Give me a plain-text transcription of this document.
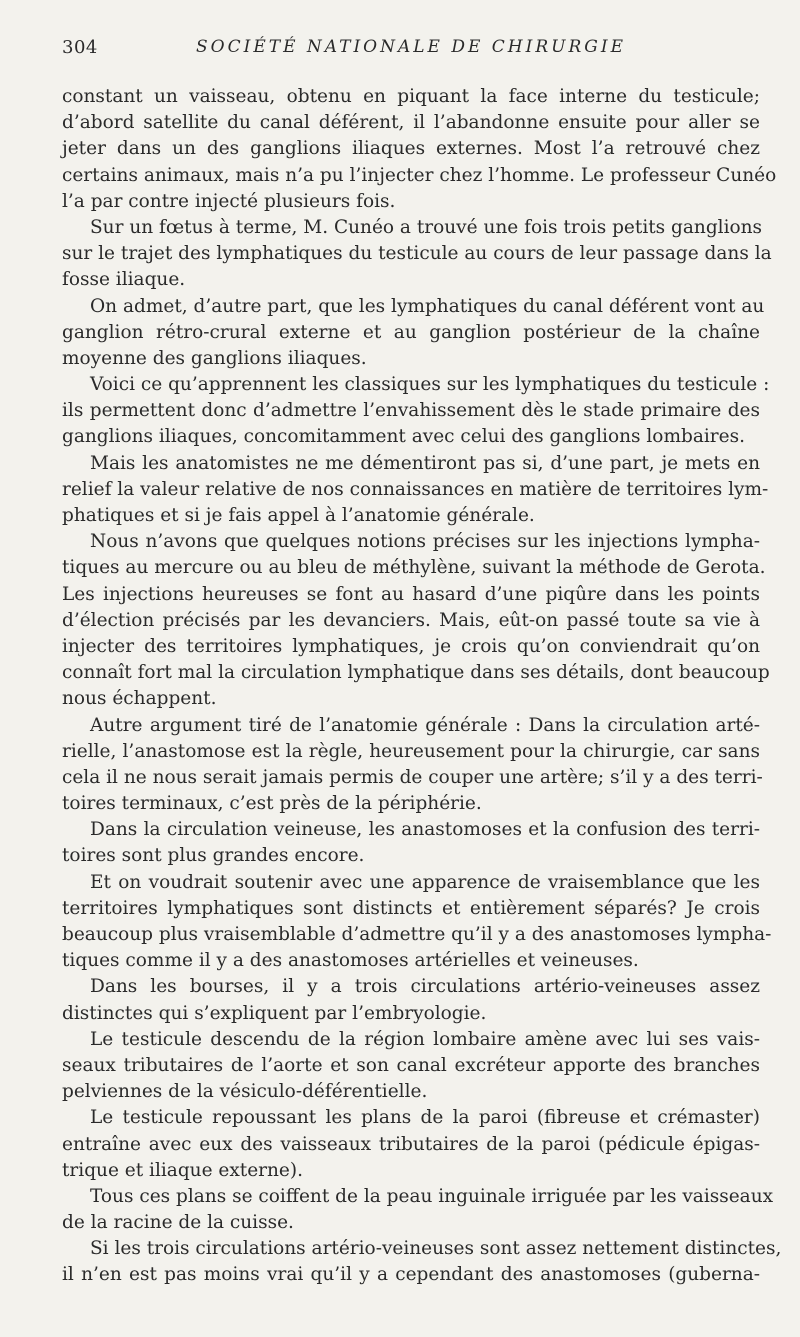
304	SOCIÉTÉ NATIONALE DE CHIRURGIE
constant un vaisseau, obtenu en piquant la face interne du testicule;
d’abord satellite du canal déférent, il l’abandonne ensuite pour aller se
jeter dans un des ganglions iliaques externes. Most l’a retrouvé chez
certains animaux, mais n’a pu l’injecter chez l’homme. Le professeur Cunéo
l’a par contre injecté plusieurs fois.
Sur un fœtus à terme, M. Cunéo a trouvé une fois trois petits ganglions
sur le trajet des lymphatiques du testicule au cours de leur passage dans la
fosse iliaque.
On admet, d’autre part, que les lymphatiques du canal déférent vont au
ganglion rétro-crural externe et au ganglion postérieur de la chaîne
moyenne des ganglions iliaques.
Voici ce qu’apprennent les classiques sur les lymphatiques du testicule :
ils permettent donc d’admettre l’envahissement dès le stade primaire des
ganglions iliaques, concomitamment avec celui des ganglions lombaires.
Mais les anatomistes ne me démentiront pas si, d’une part, je mets en
relief la valeur relative de nos connaissances en matière de territoires lym-
phatiques et si je fais appel à l’anatomie générale.
Nous n’avons que quelques notions précises sur les injections lympha-
tiques au mercure ou au bleu de méthylène, suivant la méthode de Gerota.
Les injections heureuses se font au hasard d’une piqûre dans les points
d’élection précisés par les devanciers. Mais, eût-on passé toute sa vie à
injecter des territoires lymphatiques, je crois qu’on conviendrait qu’on
connaît fort mal la circulation lymphatique dans ses détails, dont beaucoup
nous échappent.
Autre argument tiré de l’anatomie générale : Dans la circulation arté-
rielle, l’anastomose est la règle, heureusement pour la chirurgie, car sans
cela il ne nous serait jamais permis de couper une artère; s’il y a des terri-
toires terminaux, c’est près de la périphérie.
Dans la circulation veineuse, les anastomoses et la confusion des terri-
toires sont plus grandes encore.
Et on voudrait soutenir avec une apparence de vraisemblance que les
territoires lymphatiques sont distincts et entièrement séparés? Je crois
beaucoup plus vraisemblable d’admettre qu’il y a des anastomoses lympha-
tiques comme il y a des anastomoses artérielles et veineuses.
Dans les bourses, il y a trois circulations artério-veineuses assez
distinctes qui s’expliquent par l’embryologie.
Le testicule descendu de la région lombaire amène avec lui ses vais-
seaux tributaires de l’aorte et son canal excréteur apporte des branches
pelviennes de la vésiculo-déférentielle.
Le testicule repoussant les plans de la paroi (fibreuse et crémaster)
entraîne avec eux des vaisseaux tributaires de la paroi (pédicule épigas-
trique et iliaque externe).
Tous ces plans se coiffent de la peau inguinale irriguée par les vaisseaux
de la racine de la cuisse.
Si les trois circulations artério-veineuses sont assez nettement distinctes,
il n’en est pas moins vrai qu’il y a cependant des anastomoses (guberna-
